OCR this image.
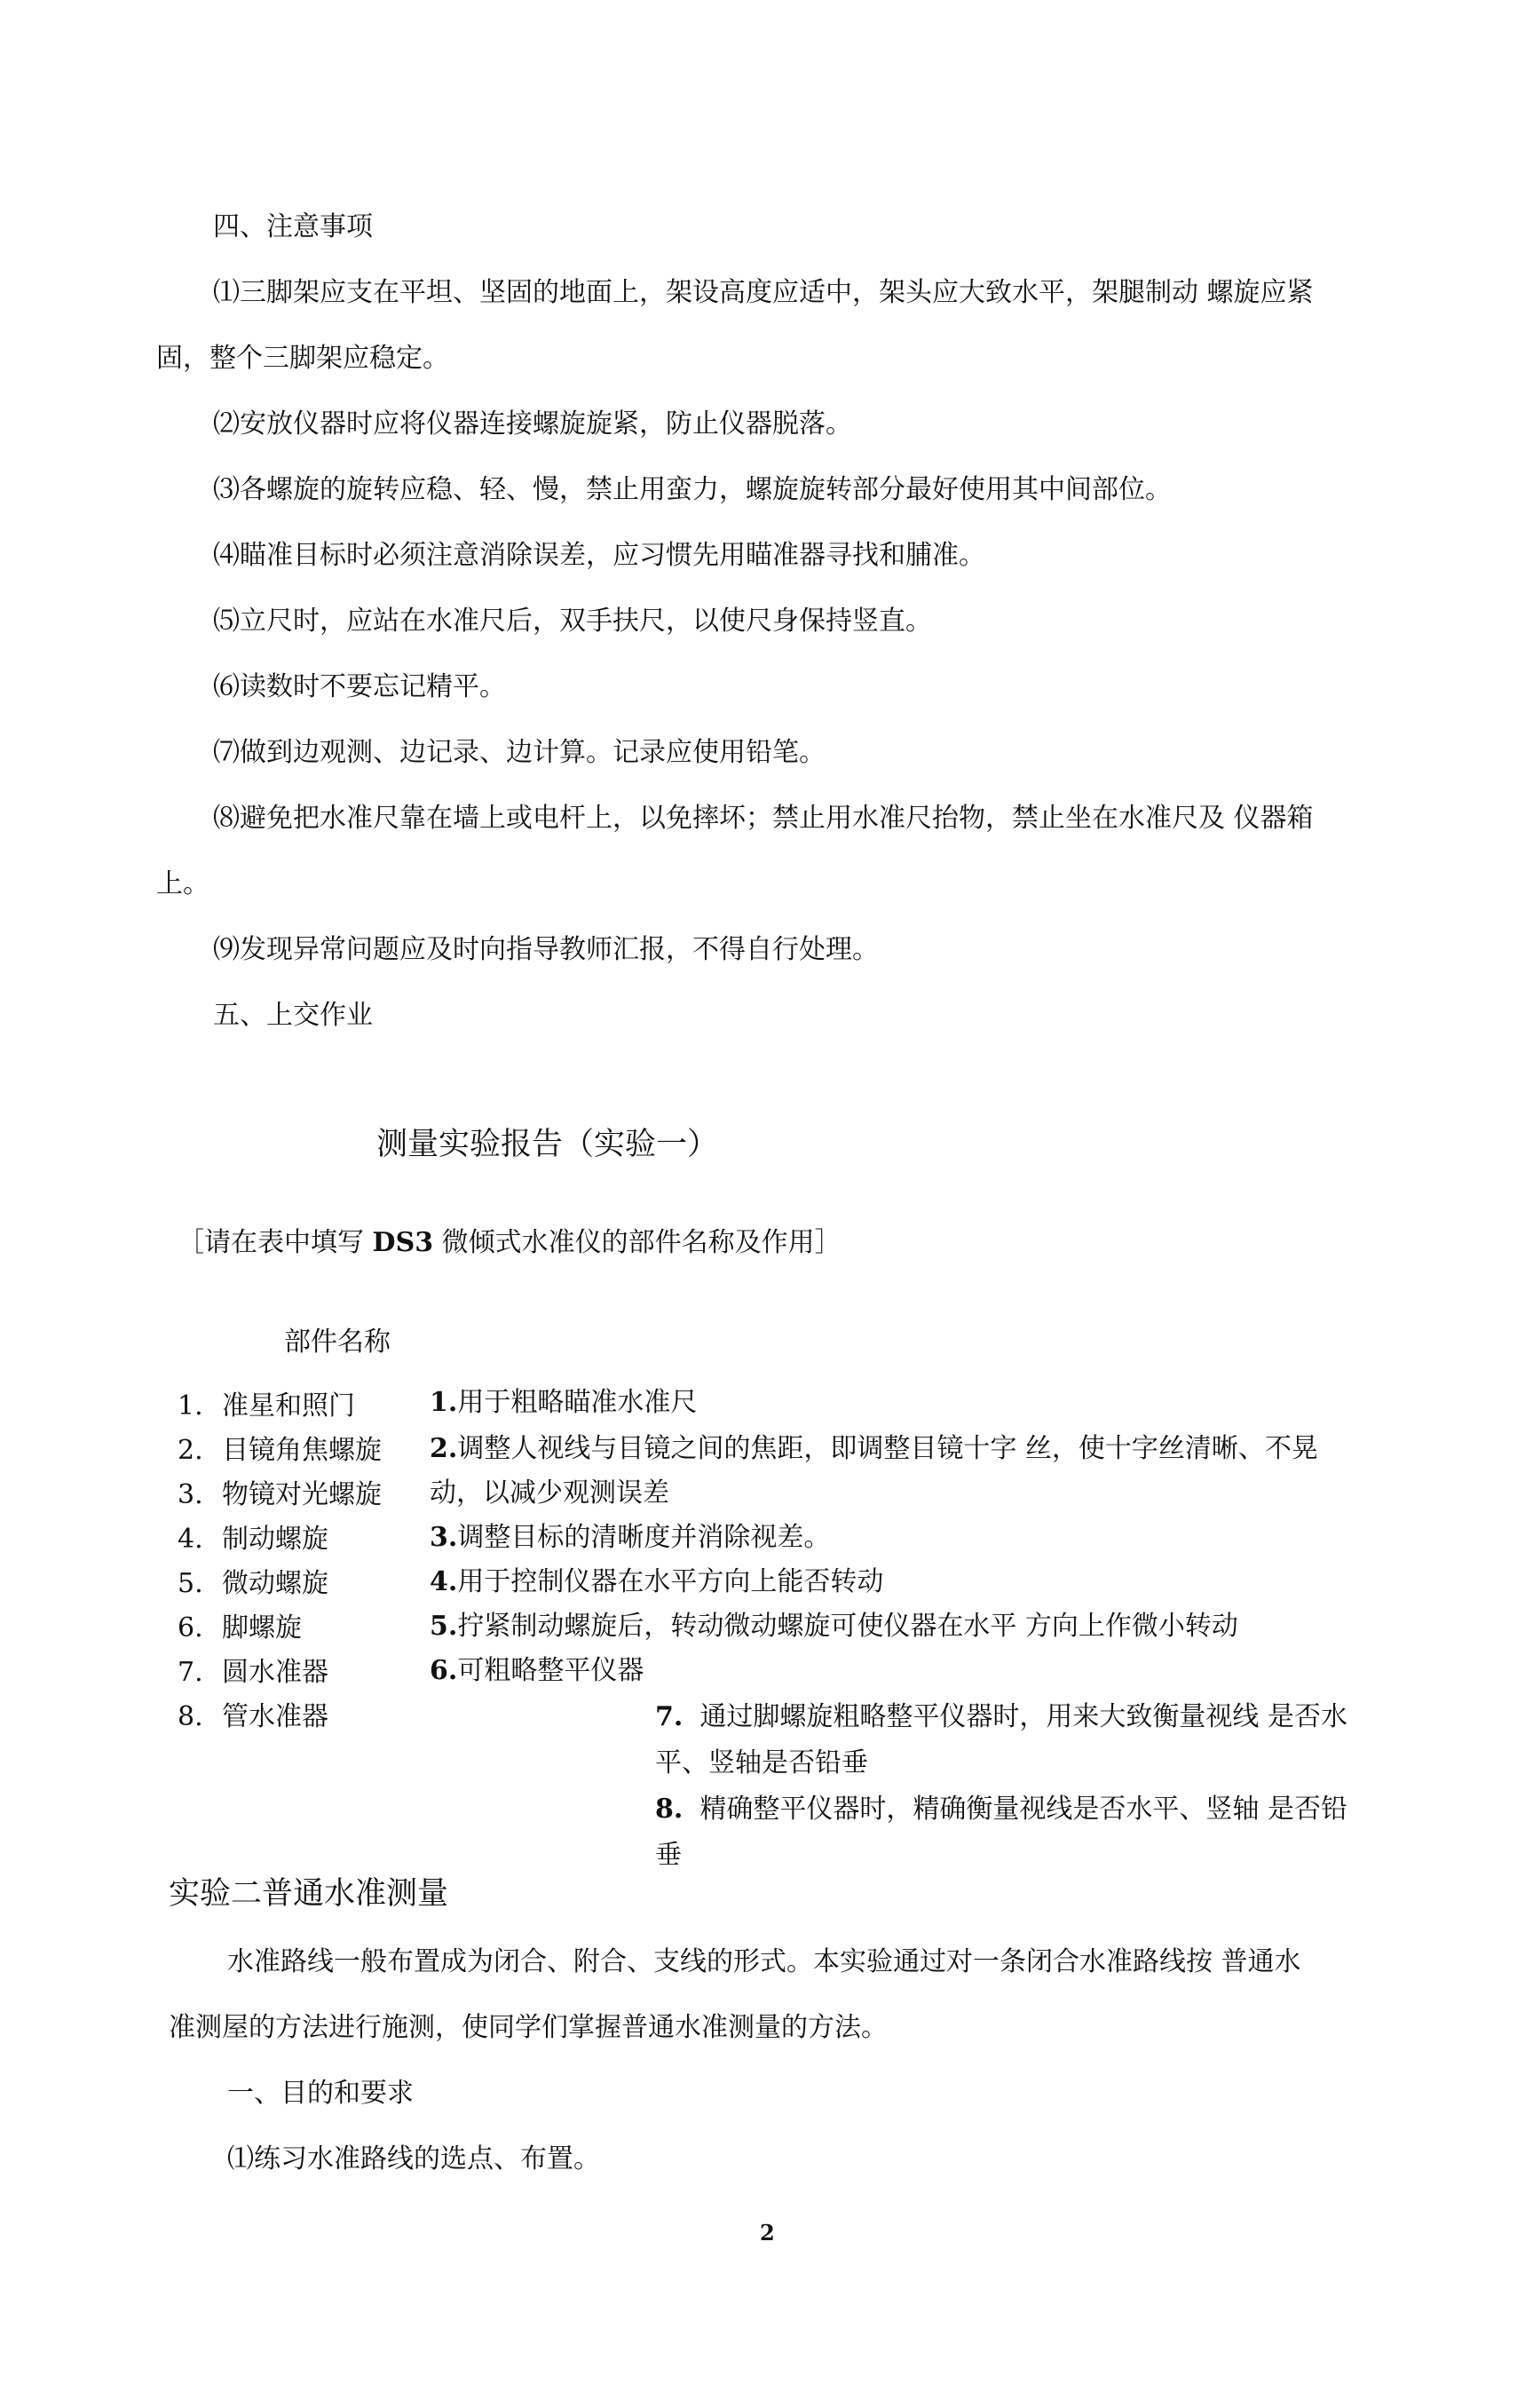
四、注意事项
⑴三脚架应支在平坦、坚固的地面上，架设高度应适中，架头应大致水平，架腿制动 螺旋应紧
固，整个三脚架应稳定。
⑵安放仪器时应将仪器连接螺旋旋紧，防止仪器脱落。
⑶各螺旋的旋转应稳、轻、慢，禁止用蛮力，螺旋旋转部分最好使用其中间部位。
⑷瞄准目标时必须注意消除误差，应习惯先用瞄准器寻找和脯准。
⑸立尺时，应站在水准尺后，双手扶尺，以使尺身保持竖直。
⑹读数时不要忘记精平。
⑺做到边观测、边记录、边计算。记录应使用铅笔。
⑻避免把水准尺靠在墙上或电杆上，以免摔坏；禁止用水准尺抬物，禁止坐在水准尺及 仪器箱
上。
⑼发现异常问题应及时向指导教师汇报，不得自行处理。
五、上交作业
测量实验报告（实验一）
［请在表中填写 DS3 微倾式水准仪的部件名称及作用］
部件名称
1. 准星和照门
2. 目镜角焦螺旋
3. 物镜对光螺旋
4. 制动螺旋
5. 微动螺旋
6. 脚螺旋
7. 圆水准器
8. 管水准器
1.用于粗略瞄准水准尺
2.调整人视线与目镜之间的焦距，即调整目镜十字 丝，使十字丝清晰、不晃
动，以减少观测误差
3.调整目标的清晰度并消除视差。
4.用于控制仪器在水平方向上能否转动
5.拧紧制动螺旋后，转动微动螺旋可使仪器在水平 方向上作微小转动
6.可粗略整平仪器
7. 通过脚螺旋粗略整平仪器时，用来大致衡量视线 是否水
平、竖轴是否铅垂
8. 精确整平仪器时，精确衡量视线是否水平、竖轴 是否铅
垂
实验二普通水准测量
水准路线一般布置成为闭合、附合、支线的形式。本实验通过对一条闭合水准路线按 普通水
准测屋的方法进行施测，使同学们掌握普通水准测量的方法。
一、目的和要求
⑴练习水准路线的选点、布置。
2
